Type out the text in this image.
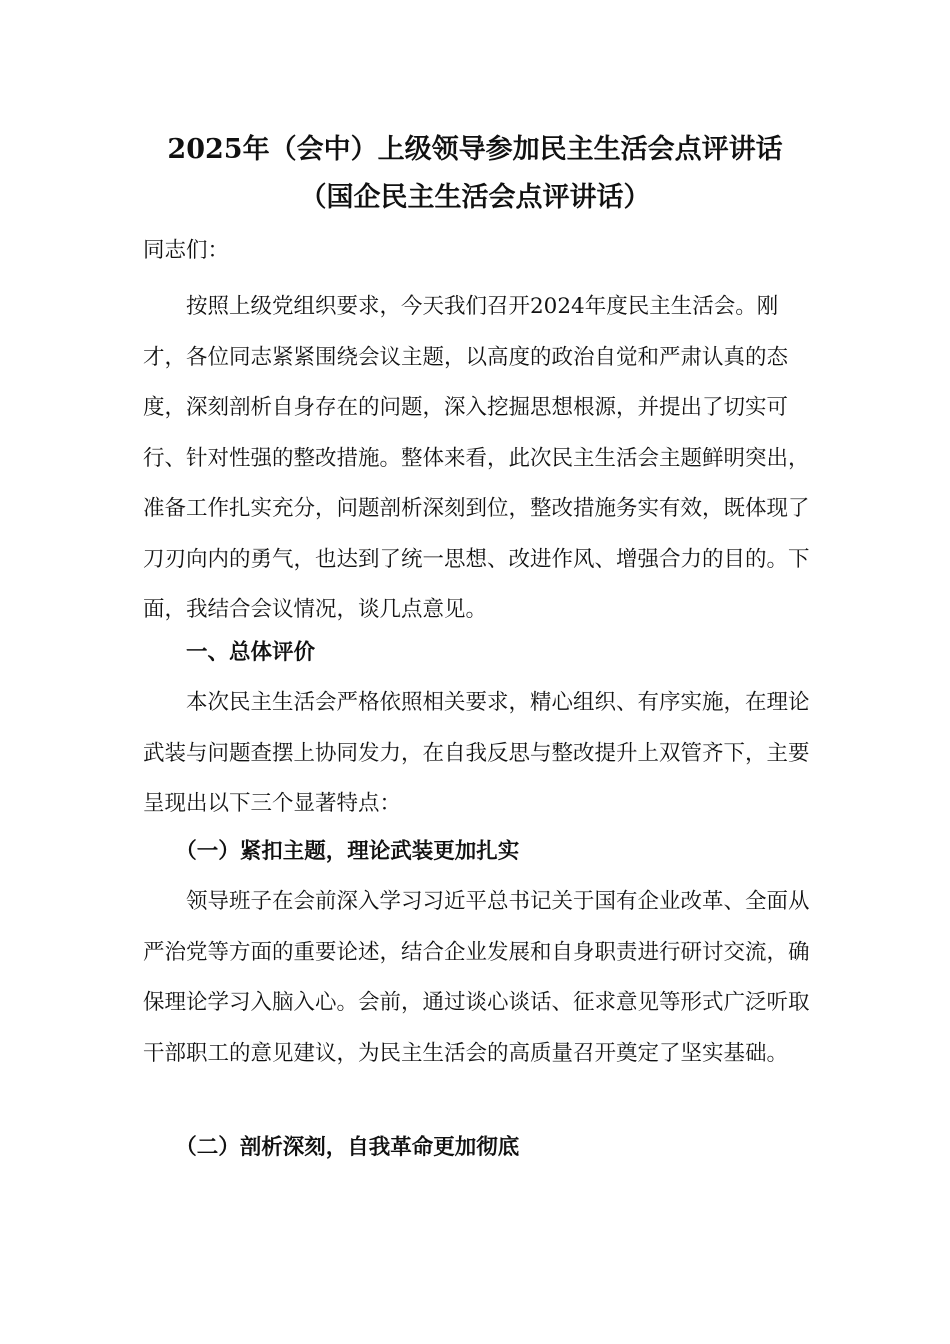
2025年（会中）上级领导参加民主生活会点评讲话
（国企民主生活会点评讲话）
同志们：

按照上级党组织要求，今天我们召开2024年度民主生活会。刚才，各位同志紧紧围绕会议主题，以高度的政治自觉和严肃认真的态度，深刻剖析自身存在的问题，深入挖掘思想根源，并提出了切实可行、针对性强的整改措施。整体来看，此次民主生活会主题鲜明突出，准备工作扎实充分，问题剖析深刻到位，整改措施务实有效，既体现了刀刃向内的勇气，也达到了统一思想、改进作风、增强合力的目的。下面，我结合会议情况，谈几点意见。

一、总体评价

本次民主生活会严格依照相关要求，精心组织、有序实施，在理论武装与问题查摆上协同发力，在自我反思与整改提升上双管齐下，主要呈现出以下三个显著特点：

（一）紧扣主题，理论武装更加扎实

领导班子在会前深入学习习近平总书记关于国有企业改革、全面从严治党等方面的重要论述，结合企业发展和自身职责进行研讨交流，确保理论学习入脑入心。会前，通过谈心谈话、征求意见等形式广泛听取干部职工的意见建议，为民主生活会的高质量召开奠定了坚实基础。

（二）剖析深刻，自我革命更加彻底
